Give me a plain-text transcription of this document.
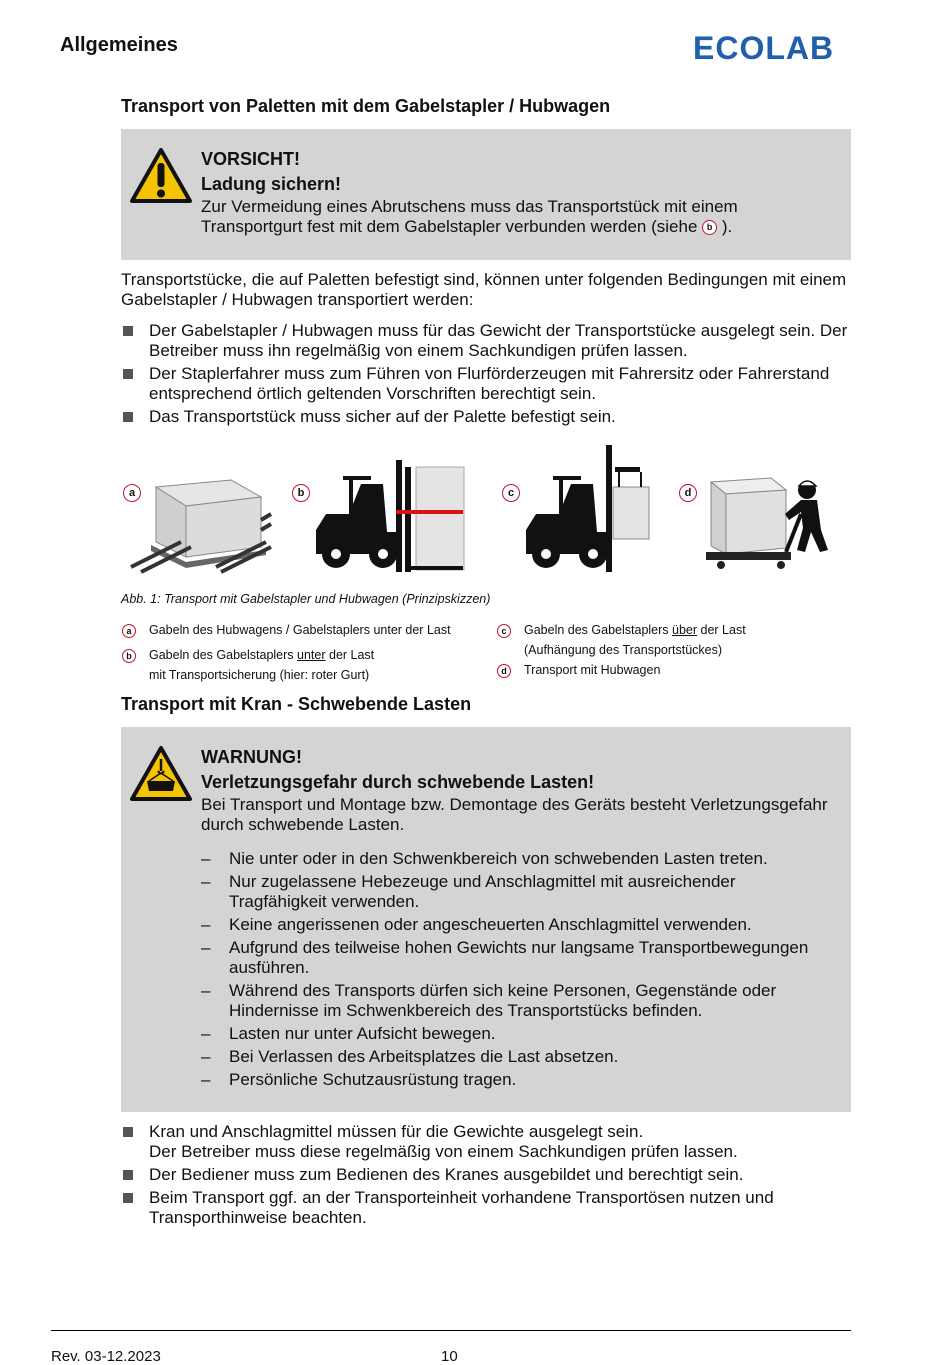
Allgemeines	ECOLAB
Transport von Paletten mit dem Gabelstapler / Hubwagen
VORSICHT!
Ladung sichern!
Zur Vermeidung eines Abrutschens muss das Transportstück mit einem Transportgurt fest mit dem Gabelstapler verbunden werden (siehe b ).
Transportstücke, die auf Paletten befestigt sind, können unter folgenden Bedingungen mit einem Gabelstapler / Hubwagen transportiert werden:
Der Gabelstapler / Hubwagen muss für das Gewicht der Transportstücke ausgelegt sein. Der Betreiber muss ihn regelmäßig von einem Sachkundigen prüfen lassen.
Der Staplerfahrer muss zum Führen von Flurförderzeugen mit Fahrersitz oder Fahrerstand entsprechend örtlich geltenden Vorschriften berechtigt sein.
Das Transportstück muss sicher auf der Palette befestigt sein.
a	b	c	d
Abb. 1: Transport mit Gabelstapler und Hubwagen (Prinzipskizzen)
a	Gabeln des Hubwagens / Gabelstaplers unter der Last
b	Gabeln des Gabelstaplers unter der Last
mit Transportsicherung (hier: roter Gurt)
c	Gabeln des Gabelstaplers über der Last
(Aufhängung des Transportstückes)
d	Transport mit Hubwagen
Transport mit Kran - Schwebende Lasten
WARNUNG!
Verletzungsgefahr durch schwebende Lasten!
Bei Transport und Montage bzw. Demontage des Geräts besteht Verletzungsgefahr durch schwebende Lasten.
– Nie unter oder in den Schwenkbereich von schwebenden Lasten treten.
– Nur zugelassene Hebezeuge und Anschlagmittel mit ausreichender Tragfähigkeit verwenden.
– Keine angerissenen oder angescheuerten Anschlagmittel verwenden.
– Aufgrund des teilweise hohen Gewichts nur langsame Transportbewegungen ausführen.
– Während des Transports dürfen sich keine Personen, Gegenstände oder Hindernisse im Schwenkbereich des Transportstücks befinden.
– Lasten nur unter Aufsicht bewegen.
– Bei Verlassen des Arbeitsplatzes die Last absetzen.
– Persönliche Schutzausrüstung tragen.
Kran und Anschlagmittel müssen für die Gewichte ausgelegt sein.
Der Betreiber muss diese regelmäßig von einem Sachkundigen prüfen lassen.
Der Bediener muss zum Bedienen des Kranes ausgebildet und berechtigt sein.
Beim Transport ggf. an der Transporteinheit vorhandene Transportösen nutzen und Transporthinweise beachten.
Rev. 03-12.2023	10
